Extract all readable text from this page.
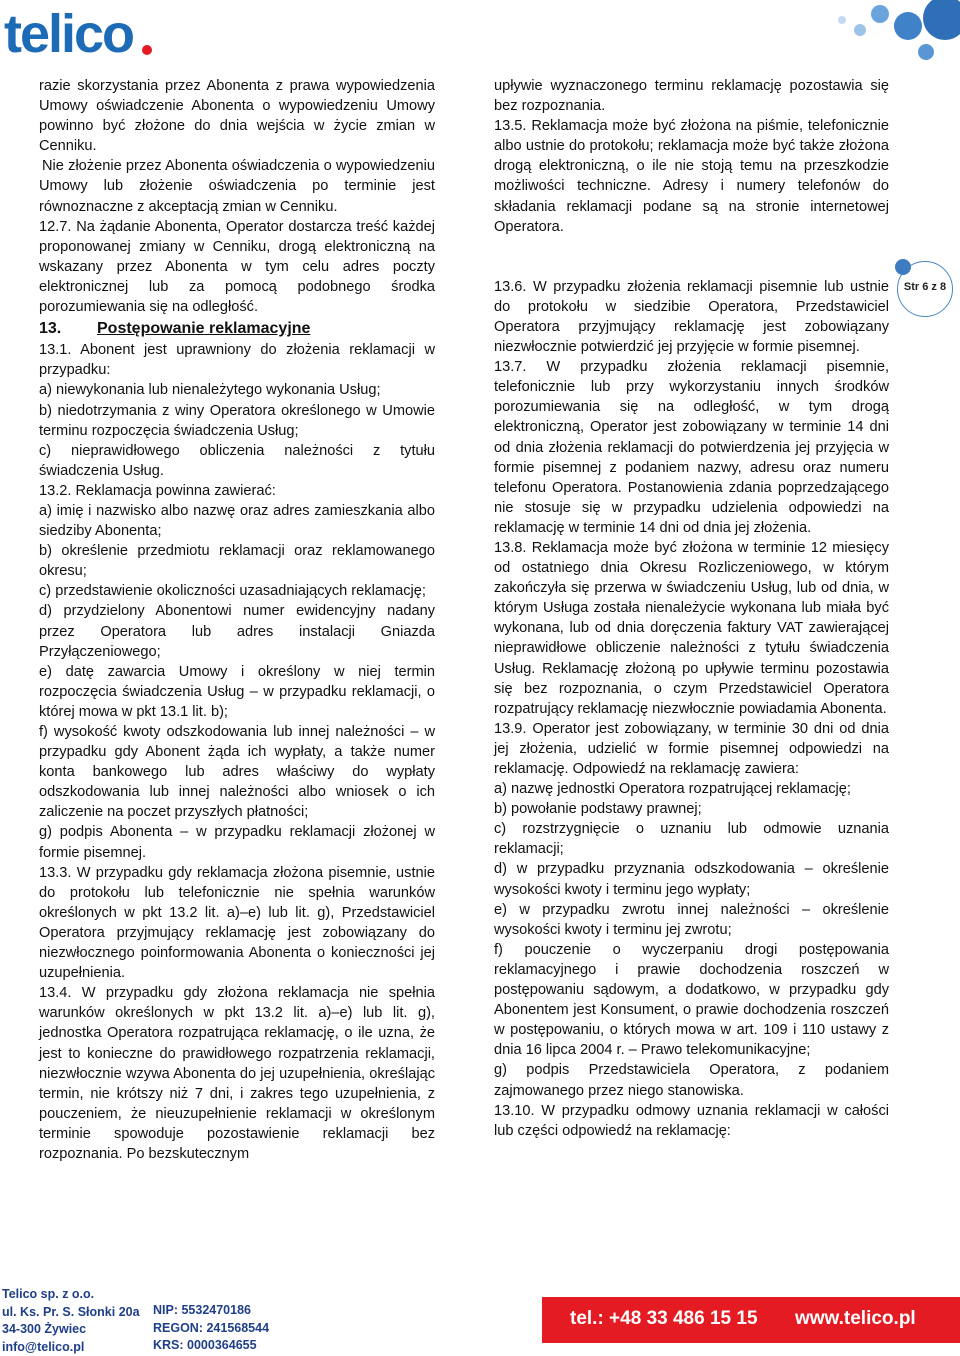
telico
Str 6 z 8

razie skorzystania przez Abonenta z prawa wypowiedzenia Umowy oświadczenie Abonenta o wypowiedzeniu Umowy powinno być złożone do dnia wejścia w życie zmian w Cenniku.

Nie złożenie przez Abonenta oświadczenia o wypowiedzeniu Umowy lub złożenie oświadczenia po terminie jest równoznaczne z akceptacją zmian w Cenniku.

12.7. Na żądanie Abonenta, Operator dostarcza treść każdej proponowanej zmiany w Cenniku, drogą elektroniczną na wskazany przez Abonenta w tym celu adres poczty elektronicznej lub za pomocą podobnego środka porozumiewania się na odległość.

13. Postępowanie reklamacyjne

13.1. Abonent jest uprawniony do złożenia reklamacji w przypadku:

a) niewykonania lub nienależytego wykonania Usług;

b) niedotrzymania z winy Operatora określonego w Umowie terminu rozpoczęcia świadczenia Usług;

c) nieprawidłowego obliczenia należności z tytułu świadczenia Usług.

13.2. Reklamacja powinna zawierać:

a) imię i nazwisko albo nazwę oraz adres zamieszkania albo siedziby Abonenta;

b) określenie przedmiotu reklamacji oraz reklamowanego okresu;

c) przedstawienie okoliczności uzasadniających reklamację;

d) przydzielony Abonentowi numer ewidencyjny nadany przez Operatora lub adres instalacji Gniazda Przyłączeniowego;

e) datę zawarcia Umowy i określony w niej termin rozpoczęcia świadczenia Usług – w przypadku reklamacji, o której mowa w pkt 13.1 lit. b);

f) wysokość kwoty odszkodowania lub innej należności – w przypadku gdy Abonent żąda ich wypłaty, a także numer konta bankowego lub adres właściwy do wypłaty odszkodowania lub innej należności albo wniosek o ich zaliczenie na poczet przyszłych płatności;

g) podpis Abonenta – w przypadku reklamacji złożonej w formie pisemnej.

13.3. W przypadku gdy reklamacja złożona pisemnie, ustnie do protokołu lub telefonicznie nie spełnia warunków określonych w pkt 13.2 lit. a)–e) lub lit. g), Przedstawiciel Operatora przyjmujący reklamację jest zobowiązany do niezwłocznego poinformowania Abonenta o konieczności jej uzupełnienia.

13.4. W przypadku gdy złożona reklamacja nie spełnia warunków określonych w pkt 13.2 lit. a)–e) lub lit. g), jednostka Operatora rozpatrująca reklamację, o ile uzna, że jest to konieczne do prawidłowego rozpatrzenia reklamacji, niezwłocznie wzywa Abonenta do jej uzupełnienia, określając termin, nie krótszy niż 7 dni, i zakres tego uzupełnienia, z pouczeniem, że nieuzupełnienie reklamacji w określonym terminie spowoduje pozostawienie reklamacji bez rozpoznania. Po bezskutecznym

upływie wyznaczonego terminu reklamację pozostawia się bez rozpoznania.

13.5. Reklamacja może być złożona na piśmie, telefonicznie albo ustnie do protokołu; reklamacja może być także złożona drogą elektroniczną, o ile nie stoją temu na przeszkodzie możliwości techniczne. Adresy i numery telefonów do składania reklamacji podane są na stronie internetowej Operatora.

13.6. W przypadku złożenia reklamacji pisemnie lub ustnie do protokołu w siedzibie Operatora, Przedstawiciel Operatora przyjmujący reklamację jest zobowiązany niezwłocznie potwierdzić jej przyjęcie w formie pisemnej.

13.7. W przypadku złożenia reklamacji pisemnie, telefonicznie lub przy wykorzystaniu innych środków porozumiewania się na odległość, w tym drogą elektroniczną, Operator jest zobowiązany w terminie 14 dni od dnia złożenia reklamacji do potwierdzenia jej przyjęcia w formie pisemnej z podaniem nazwy, adresu oraz numeru telefonu Operatora. Postanowienia zdania poprzedzającego nie stosuje się w przypadku udzielenia odpowiedzi na reklamację w terminie 14 dni od dnia jej złożenia.

13.8. Reklamacja może być złożona w terminie 12 miesięcy od ostatniego dnia Okresu Rozliczeniowego, w którym zakończyła się przerwa w świadczeniu Usług, lub od dnia, w którym Usługa została nienależycie wykonana lub miała być wykonana, lub od dnia doręczenia faktury VAT zawierającej nieprawidłowe obliczenie należności z tytułu świadczenia Usług. Reklamację złożoną po upływie terminu pozostawia się bez rozpoznania, o czym Przedstawiciel Operatora rozpatrujący reklamację niezwłocznie powiadamia Abonenta.

13.9. Operator jest zobowiązany, w terminie 30 dni od dnia jej złożenia, udzielić w formie pisemnej odpowiedzi na reklamację. Odpowiedź na reklamację zawiera:

a) nazwę jednostki Operatora rozpatrującej reklamację;

b) powołanie podstawy prawnej;

c) rozstrzygnięcie o uznaniu lub odmowie uznania reklamacji;

d) w przypadku przyznania odszkodowania – określenie wysokości kwoty i terminu jego wypłaty;

e) w przypadku zwrotu innej należności – określenie wysokości kwoty i terminu jej zwrotu;

f) pouczenie o wyczerpaniu drogi postępowania reklamacyjnego i prawie dochodzenia roszczeń w postępowaniu sądowym, a dodatkowo, w przypadku gdy Abonentem jest Konsument, o prawie dochodzenia roszczeń w postępowaniu, o których mowa w art. 109 i 110 ustawy z dnia 16 lipca 2004 r. – Prawo telekomunikacyjne;

g) podpis Przedstawiciela Operatora, z podaniem zajmowanego przez niego stanowiska.

13.10. W przypadku odmowy uznania reklamacji w całości lub części odpowiedź na reklamację:

Telico sp. z o.o.
ul. Ks. Pr. S. Słonki 20a
34-300 Żywiec
info@telico.pl
NIP: 5532470186
REGON: 241568544
KRS: 0000364655
tel.: +48 33 486 15 15 www.telico.pl
